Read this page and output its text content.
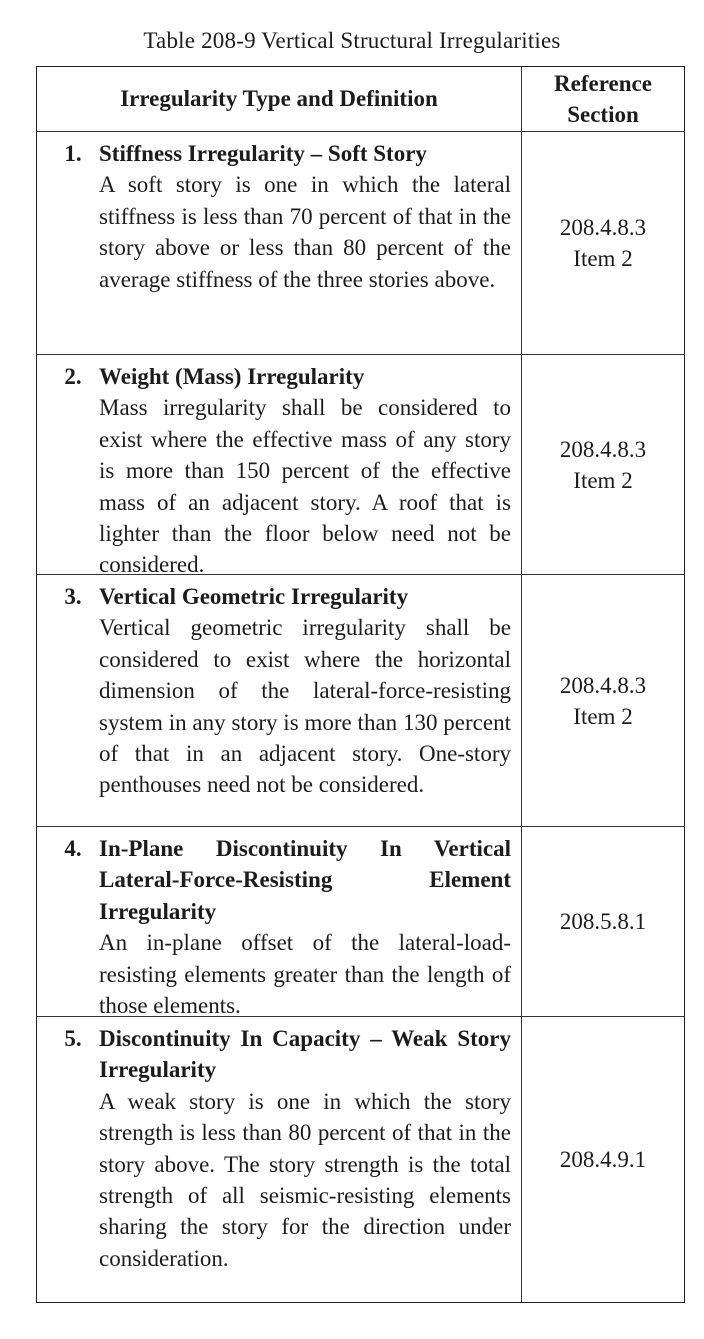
Table 208-9 Vertical Structural Irregularities
Irregularity Type and Definition
Reference
Section
1. Stiffness Irregularity – Soft Story
A soft story is one in which the lateral stiffness is less than 70 percent of that in the story above or less than 80 percent of the average stiffness of the three stories above.
208.4.8.3
Item 2
2. Weight (Mass) Irregularity
Mass irregularity shall be considered to exist where the effective mass of any story is more than 150 percent of the effective mass of an adjacent story. A roof that is lighter than the floor below need not be considered.
208.4.8.3
Item 2
3. Vertical Geometric Irregularity
Vertical geometric irregularity shall be considered to exist where the horizontal dimension of the lateral-force-resisting system in any story is more than 130 percent of that in an adjacent story. One-story penthouses need not be considered.
208.4.8.3
Item 2
4. In-Plane Discontinuity In Vertical Lateral-Force-Resisting Element Irregularity
An in-plane offset of the lateral-load-resisting elements greater than the length of those elements.
208.5.8.1
5. Discontinuity In Capacity – Weak Story Irregularity
A weak story is one in which the story strength is less than 80 percent of that in the story above. The story strength is the total strength of all seismic-resisting elements sharing the story for the direction under consideration.
208.4.9.1
